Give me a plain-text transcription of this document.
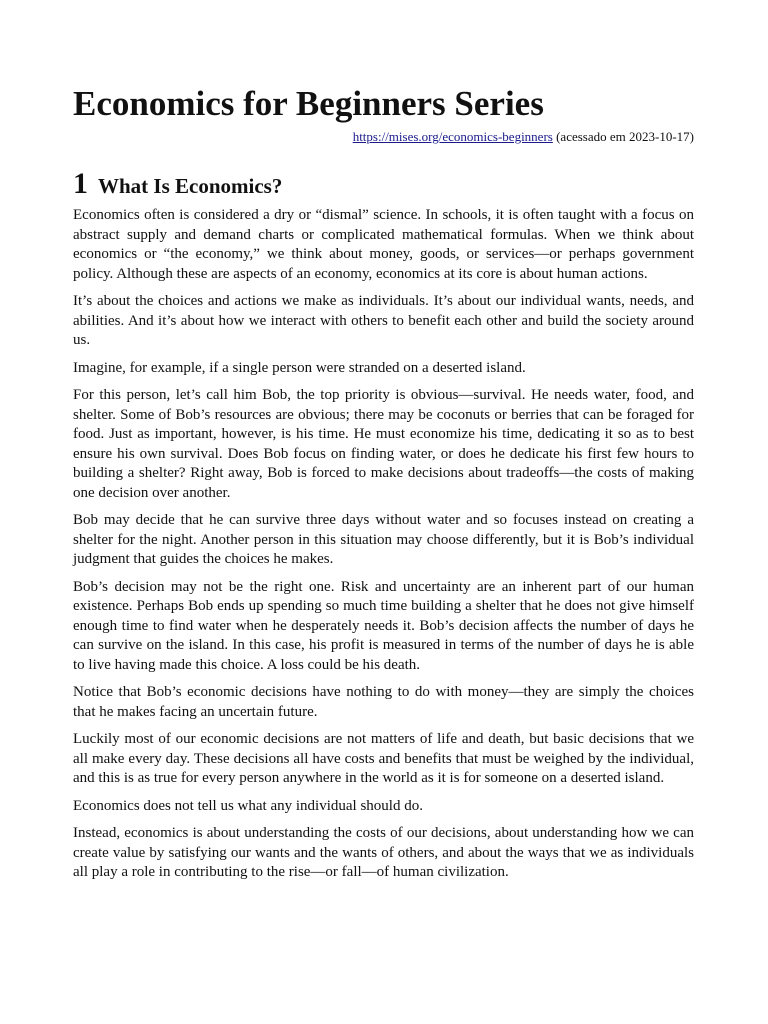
Economics for Beginners Series
https://mises.org/economics-beginners (acessado em 2023-10-17)
1 What Is Economics?

Economics often is considered a dry or “dismal” science. In schools, it is often taught with a focus on abstract supply and demand charts or complicated mathematical formulas. When we think about economics or “the economy,” we think about money, goods, or services—or perhaps government policy. Although these are aspects of an economy, economics at its core is about human actions.

It’s about the choices and actions we make as individuals. It’s about our individual wants, needs, and abilities. And it’s about how we interact with others to benefit each other and build the society around us.

Imagine, for example, if a single person were stranded on a deserted island.

For this person, let’s call him Bob, the top priority is obvious—survival. He needs water, food, and shelter. Some of Bob’s resources are obvious; there may be coconuts or berries that can be foraged for food. Just as important, however, is his time. He must economize his time, dedicating it so as to best ensure his own survival. Does Bob focus on finding water, or does he dedicate his first few hours to building a shelter? Right away, Bob is forced to make decisions about tradeoffs—the costs of making one decision over another.

Bob may decide that he can survive three days without water and so focuses instead on creating a shelter for the night. Another person in this situation may choose differently, but it is Bob’s individual judgment that guides the choices he makes.

Bob’s decision may not be the right one. Risk and uncertainty are an inherent part of our human existence. Perhaps Bob ends up spending so much time building a shelter that he does not give himself enough time to find water when he desperately needs it. Bob’s decision affects the number of days he can survive on the island. In this case, his profit is measured in terms of the number of days he is able to live having made this choice. A loss could be his death.

Notice that Bob’s economic decisions have nothing to do with money—they are simply the choices that he makes facing an uncertain future.

Luckily most of our economic decisions are not matters of life and death, but basic decisions that we all make every day. These decisions all have costs and benefits that must be weighed by the individual, and this is as true for every person anywhere in the world as it is for someone on a deserted island.

Economics does not tell us what any individual should do.

Instead, economics is about understanding the costs of our decisions, about understanding how we can create value by satisfying our wants and the wants of others, and about the ways that we as individuals all play a role in contributing to the rise—or fall—of human civilization.
